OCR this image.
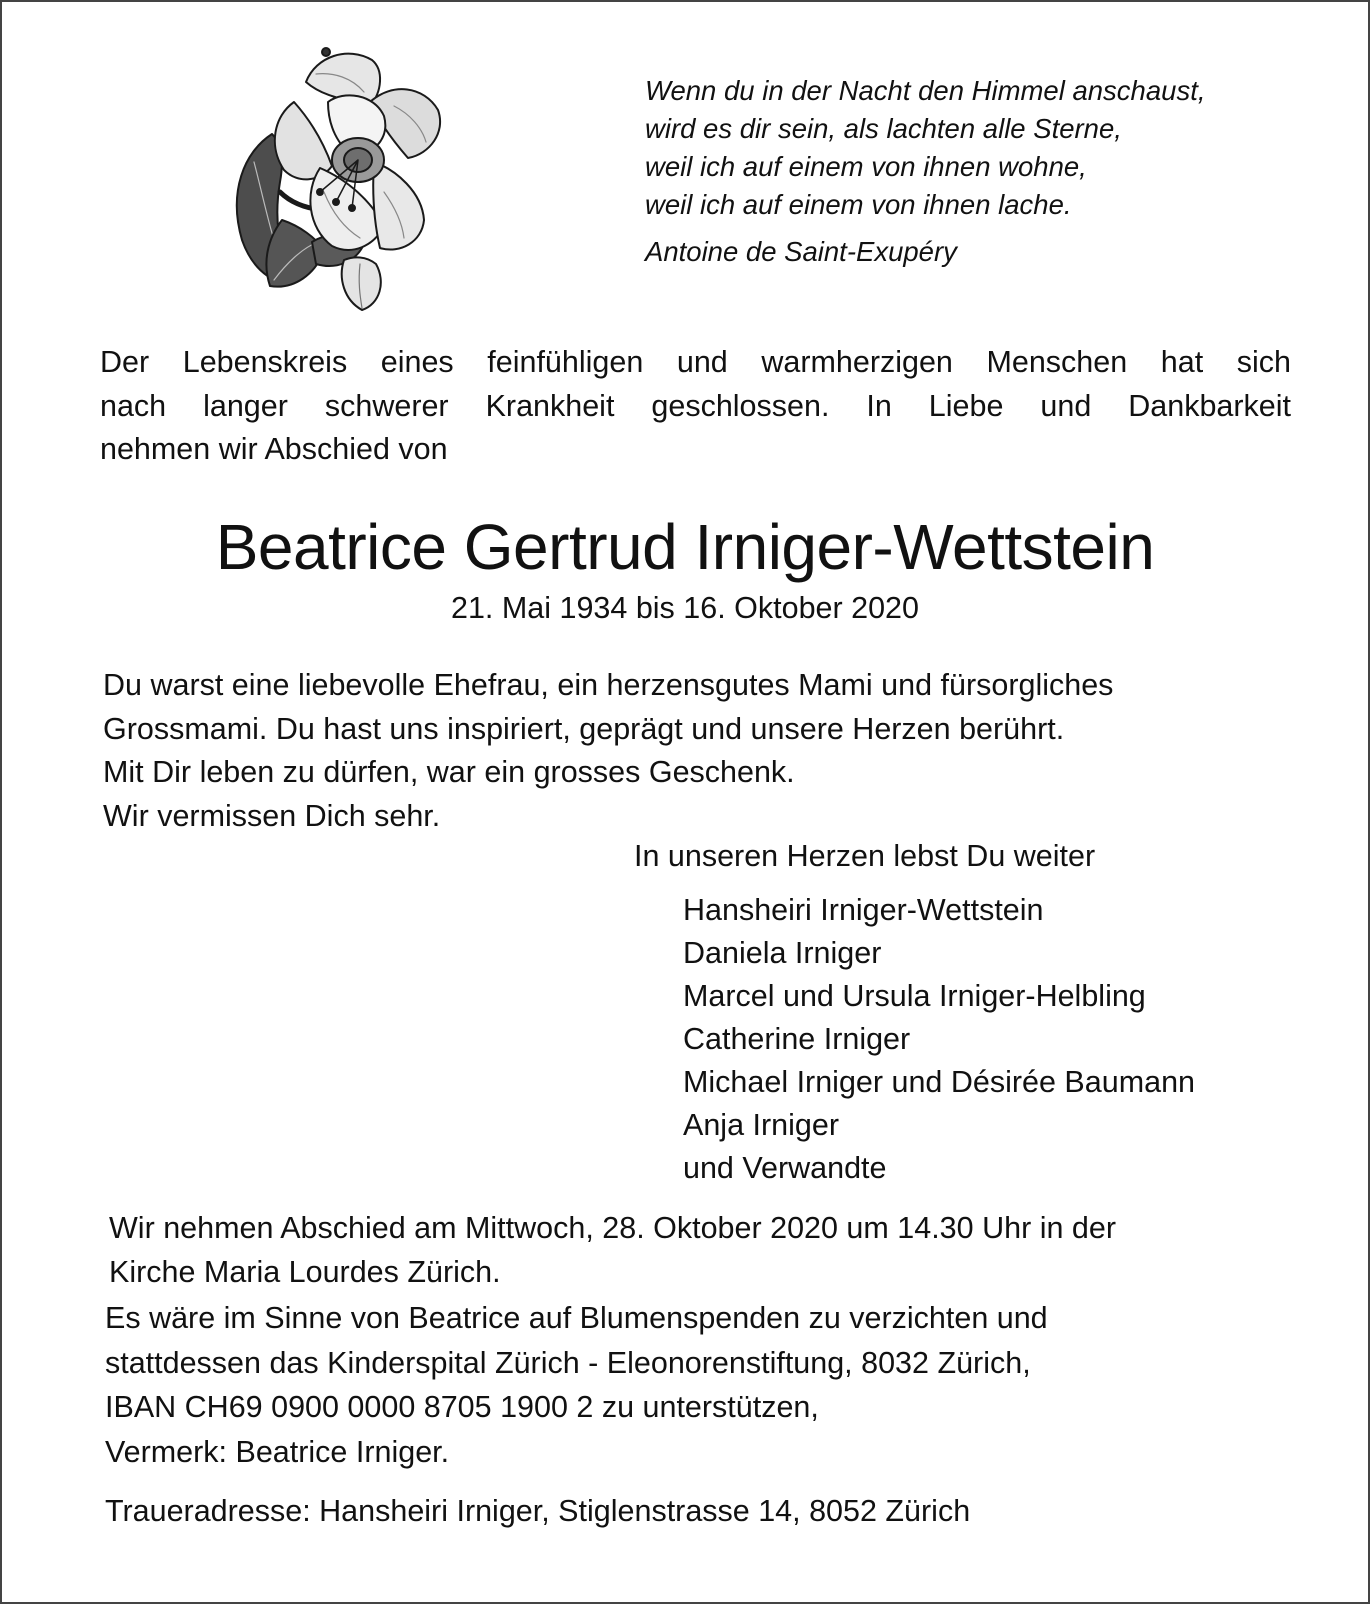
Wenn du in der Nacht den Himmel anschaust,
wird es dir sein, als lachten alle Sterne,
weil ich auf einem von ihnen wohne,
weil ich auf einem von ihnen lache.
Antoine de Saint-Exupéry
Der Lebenskreis eines feinfühligen und warmherzigen Menschen hat sich
nach langer schwerer Krankheit geschlossen. In Liebe und Dankbarkeit
nehmen wir Abschied von
Beatrice Gertrud Irniger-Wettstein
21. Mai 1934 bis 16. Oktober 2020
Du warst eine liebevolle Ehefrau, ein herzensgutes Mami und fürsorgliches
Grossmami. Du hast uns inspiriert, geprägt und unsere Herzen berührt.
Mit Dir leben zu dürfen, war ein grosses Geschenk.
Wir vermissen Dich sehr.
In unseren Herzen lebst Du weiter
Hansheiri Irniger-Wettstein
Daniela Irniger
Marcel und Ursula Irniger-Helbling
Catherine Irniger
Michael Irniger und Désirée Baumann
Anja Irniger
und Verwandte
Wir nehmen Abschied am Mittwoch, 28. Oktober 2020 um 14.30 Uhr in der
Kirche Maria Lourdes Zürich.
Es wäre im Sinne von Beatrice auf Blumenspenden zu verzichten und
stattdessen das Kinderspital Zürich - Eleonorenstiftung, 8032 Zürich,
IBAN CH69 0900 0000 8705 1900 2 zu unterstützen,
Vermerk: Beatrice Irniger.
Traueradresse: Hansheiri Irniger, Stiglenstrasse 14, 8052 Zürich
